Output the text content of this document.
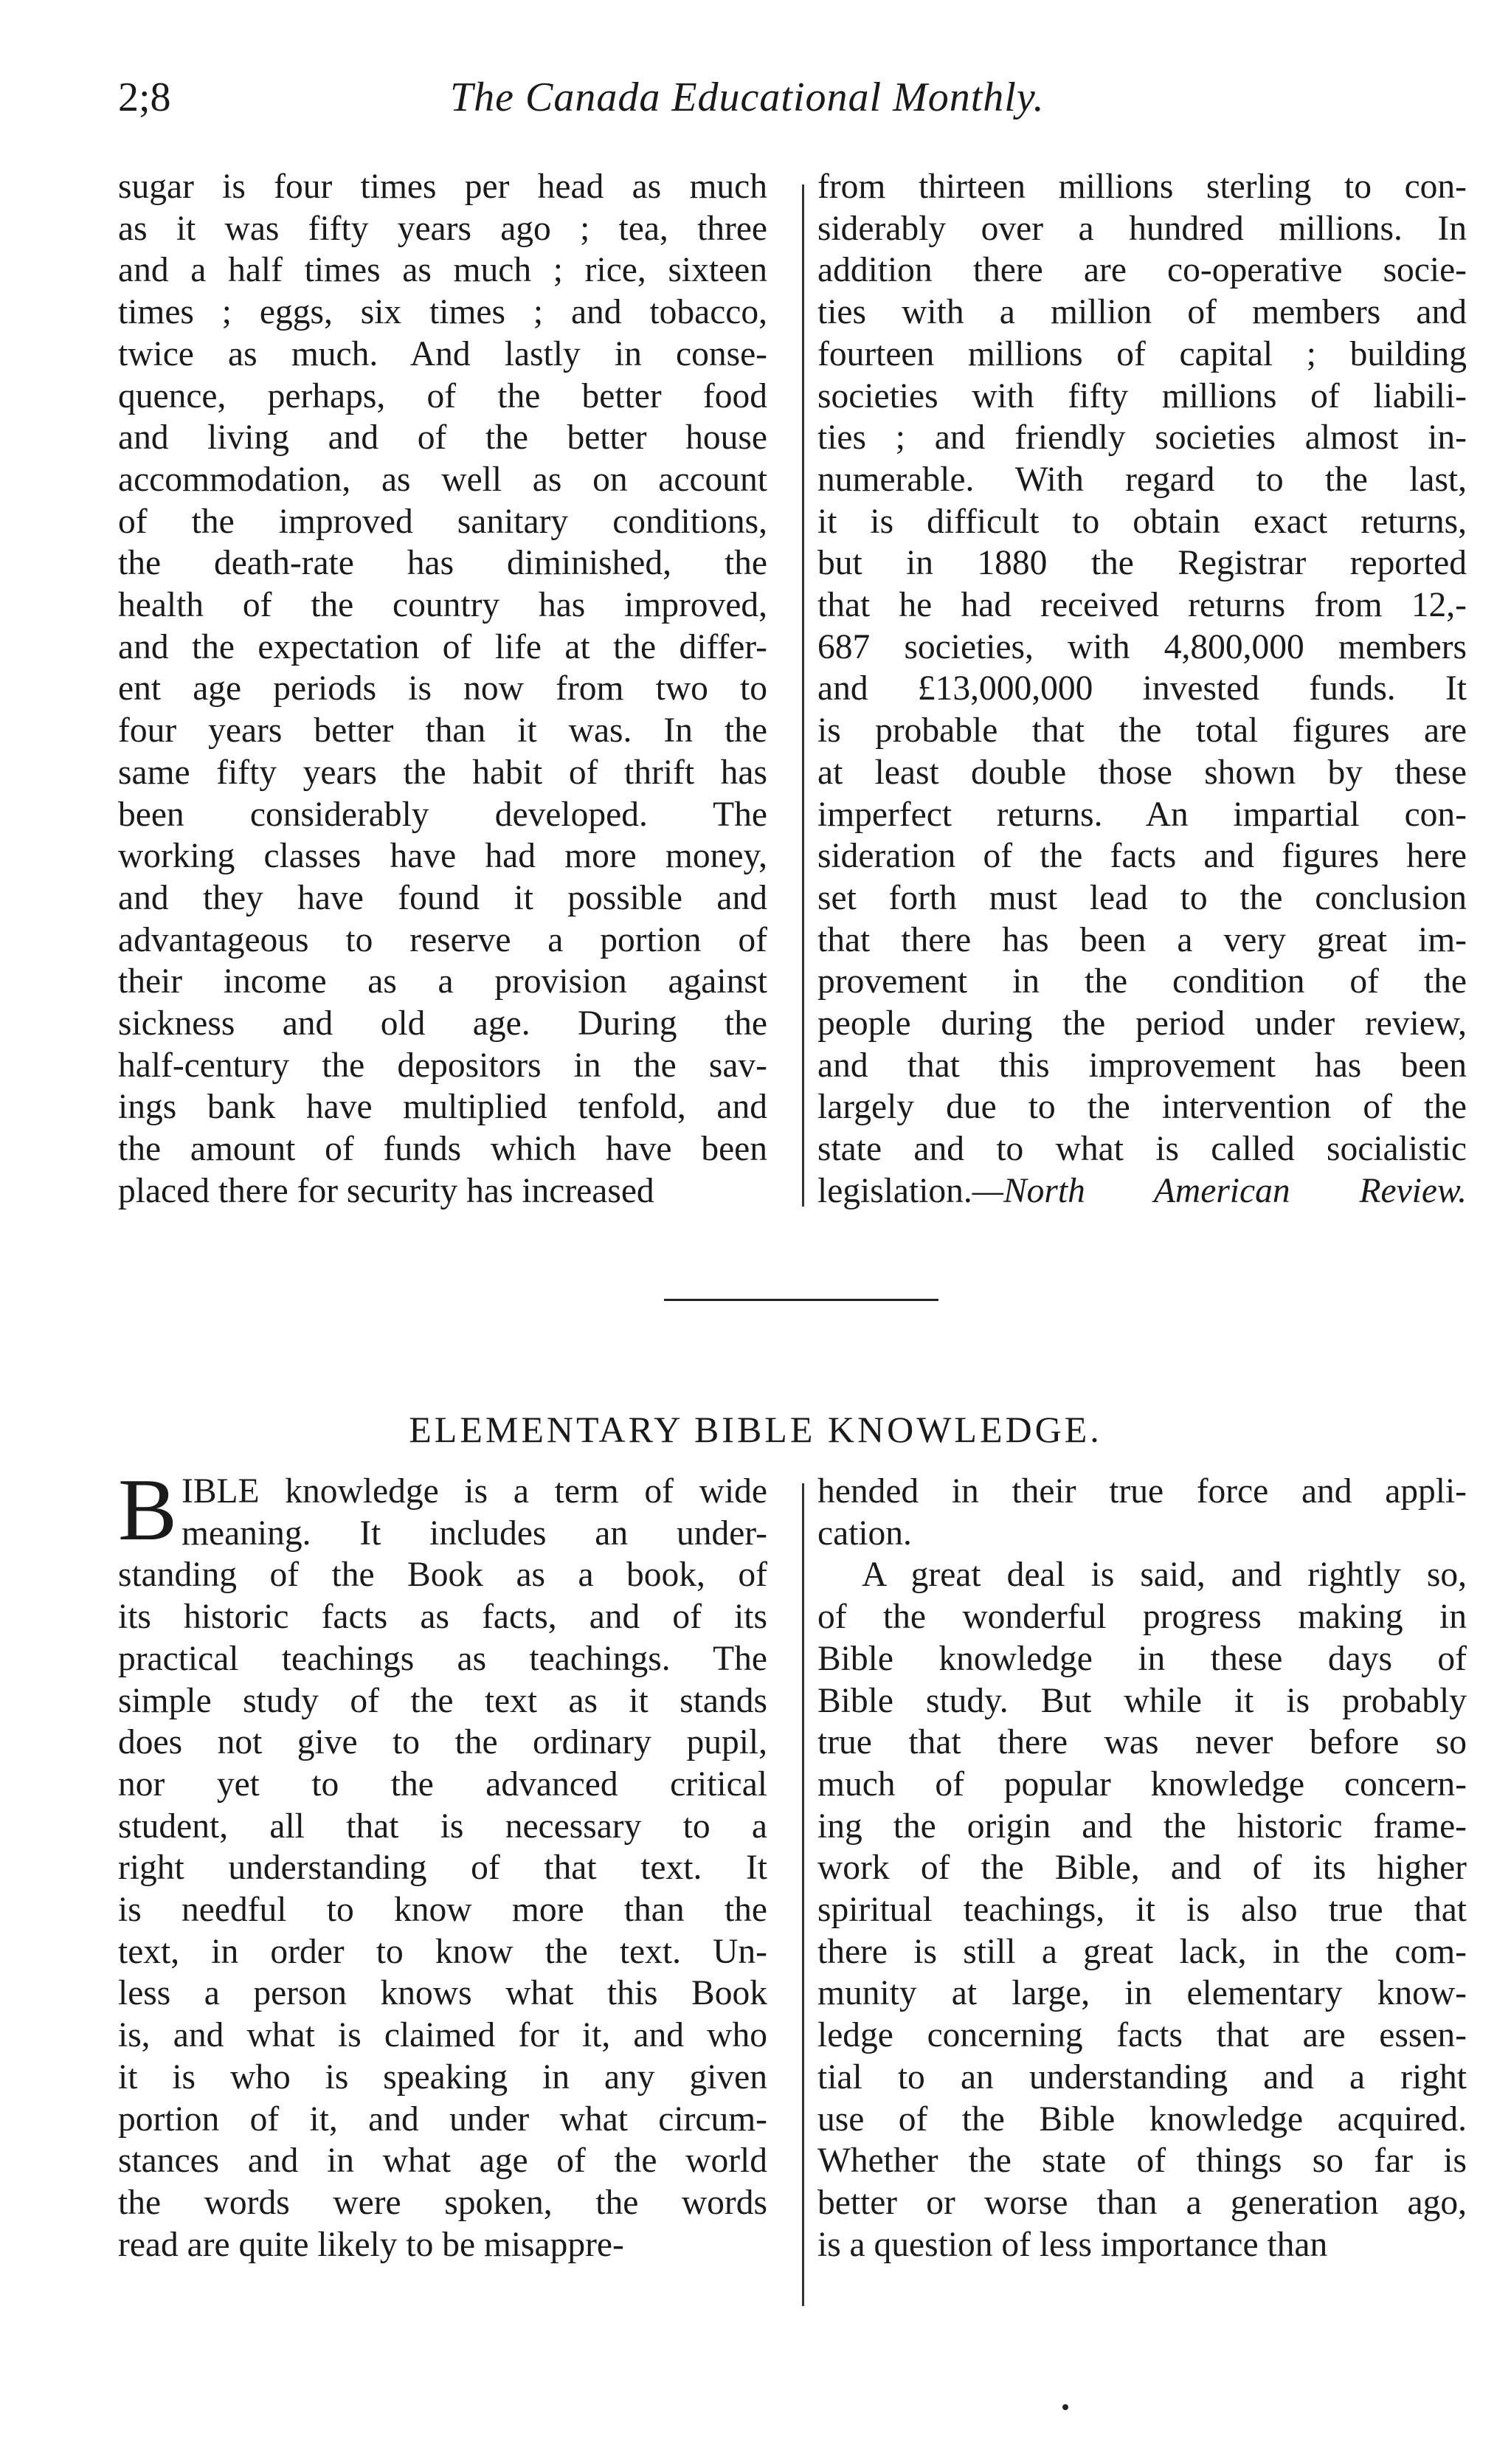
2;8	The Canada Educational Monthly.
sugar is four times per head as much
as it was fifty years ago ; tea, three
and a half times as much ; rice, sixteen
times ; eggs, six times ; and tobacco,
twice as much. And lastly in conse-
quence, perhaps, of the better food
and living and of the better house
accommodation, as well as on account
of the improved sanitary conditions,
the death-rate has diminished, the
health of the country has improved,
and the expectation of life at the differ-
ent age periods is now from two to
four years better than it was. In the
same fifty years the habit of thrift has
been considerably developed. The
working classes have had more money,
and they have found it possible and
advantageous to reserve a portion of
their income as a provision against
sickness and old age. During the
half-century the depositors in the sav-
ings bank have multiplied tenfold, and
the amount of funds which have been
placed there for security has increased
from thirteen millions sterling to con-
siderably over a hundred millions. In
addition there are co-operative socie-
ties with a million of members and
fourteen millions of capital ; building
societies with fifty millions of liabili-
ties ; and friendly societies almost in-
numerable. With regard to the last,
it is difficult to obtain exact returns,
but in 1880 the Registrar reported
that he had received returns from 12,-
687 societies, with 4,800,000 members
and £13,000,000 invested funds. It
is probable that the total figures are
at least double those shown by these
imperfect returns. An impartial con-
sideration of the facts and figures here
set forth must lead to the conclusion
that there has been a very great im-
provement in the condition of the
people during the period under review,
and that this improvement has been
largely due to the intervention of the
state and to what is called socialistic
legislation.—North American Review.
ELEMENTARY BIBLE KNOWLEDGE.
B IBLE knowledge is a term of wide
meaning. It includes an under-
standing of the Book as a book, of
its historic facts as facts, and of its
practical teachings as teachings. The
simple study of the text as it stands
does not give to the ordinary pupil,
nor yet to the advanced critical
student, all that is necessary to a
right understanding of that text. It
is needful to know more than the
text, in order to know the text. Un-
less a person knows what this Book
is, and what is claimed for it, and who
it is who is speaking in any given
portion of it, and under what circum-
stances and in what age of the world
the words were spoken, the words
read are quite likely to be misappre-
hended in their true force and appli-
cation.
A great deal is said, and rightly so,
of the wonderful progress making in
Bible knowledge in these days of
Bible study. But while it is probably
true that there was never before so
much of popular knowledge concern-
ing the origin and the historic frame-
work of the Bible, and of its higher
spiritual teachings, it is also true that
there is still a great lack, in the com-
munity at large, in elementary know-
ledge concerning facts that are essen-
tial to an understanding and a right
use of the Bible knowledge acquired.
Whether the state of things so far is
better or worse than a generation ago,
is a question of less importance than
